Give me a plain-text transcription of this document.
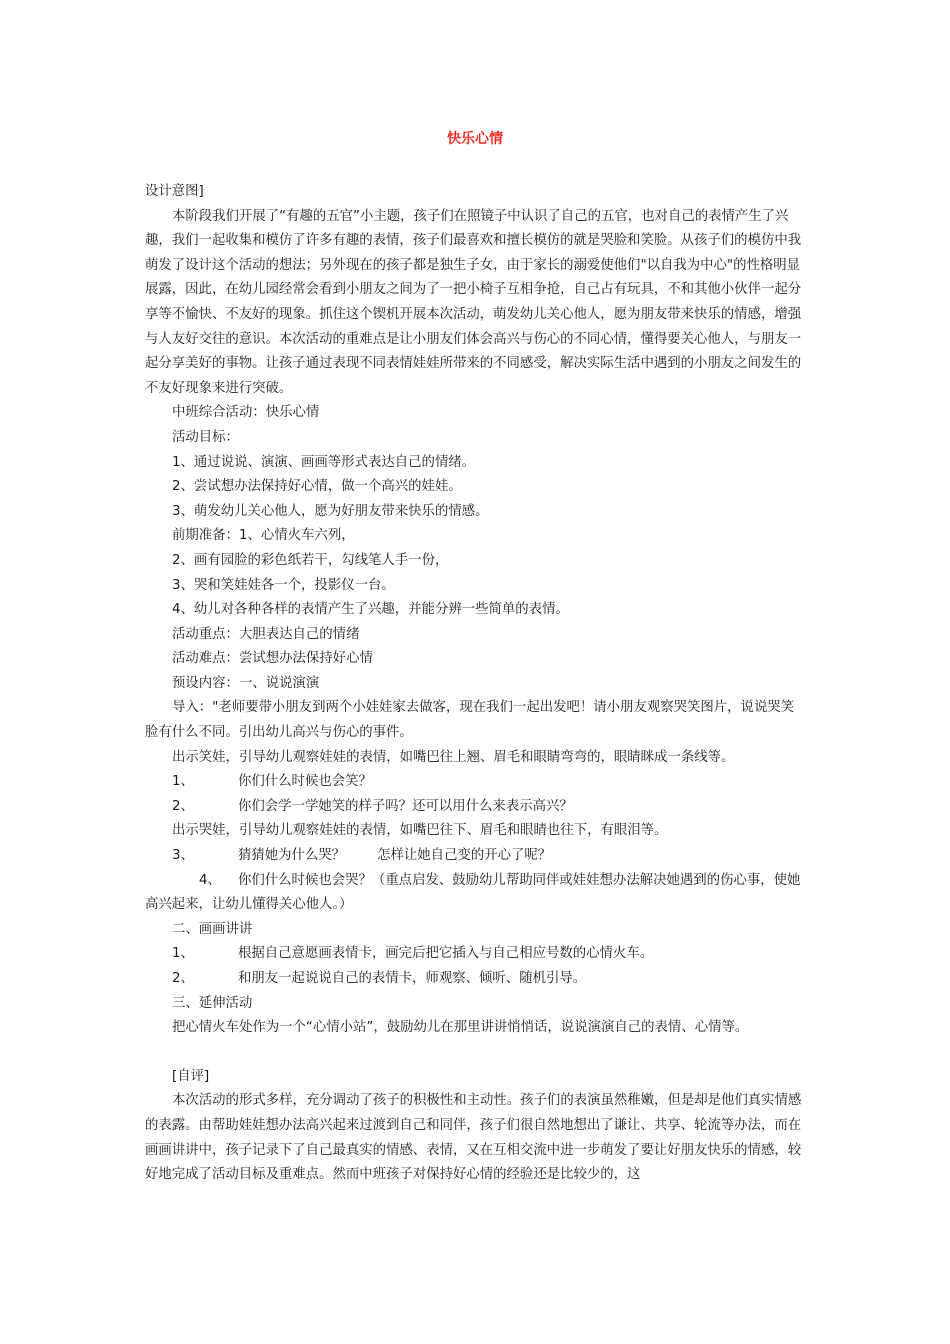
快乐心情

设计意图]

本阶段我们开展了“有趣的五官”小主题，孩子们在照镜子中认识了自己的五官，也对自己的表情产生了兴趣，我们一起收集和模仿了许多有趣的表情，孩子们最喜欢和擅长模仿的就是哭脸和笑脸。从孩子们的模仿中我萌发了设计这个活动的想法；另外现在的孩子都是独生子女，由于家长的溺爱使他们"以自我为中心"的性格明显展露，因此，在幼儿园经常会看到小朋友之间为了一把小椅子互相争抢，自己占有玩具，不和其他小伙伴一起分享等不愉快、不友好的现象。抓住这个锲机开展本次活动，萌发幼儿关心他人，愿为朋友带来快乐的情感，增强与人友好交往的意识。本次活动的重难点是让小朋友们体会高兴与伤心的不同心情，懂得要关心他人，与朋友一起分享美好的事物。让孩子通过表现不同表情娃娃所带来的不同感受，解决实际生活中遇到的小朋友之间发生的不友好现象来进行突破。

中班综合活动：快乐心情

活动目标：

1、通过说说、演演、画画等形式表达自己的情绪。

2、尝试想办法保持好心情，做一个高兴的娃娃。

3、萌发幼儿关心他人，愿为好朋友带来快乐的情感。

前期准备：1、心情火车六列，

2、画有园脸的彩色纸若干，勾线笔人手一份，

3、哭和笑娃娃各一个，投影仪一台。

4、幼儿对各种各样的表情产生了兴趣，并能分辨一些简单的表情。

活动重点：大胆表达自己的情绪

活动难点：尝试想办法保持好心情

预设内容：一、说说演演

导入："老师要带小朋友到两个小娃娃家去做客，现在我们一起出发吧！请小朋友观察哭笑图片，说说哭笑脸有什么不同。引出幼儿高兴与伤心的事件。

出示笑娃，引导幼儿观察娃娃的表情，如嘴巴往上翘、眉毛和眼睛弯弯的，眼睛眯成一条线等。

1、	你们什么时候也会笑？

2、	你们会学一学她笑的样子吗？还可以用什么来表示高兴？

出示哭娃，引导幼儿观察娃娃的表情，如嘴巴往下、眉毛和眼睛也往下，有眼泪等。

3、	猜猜她为什么哭？ 怎样让她自己变的开心了呢？

4、 你们什么时候也会哭？（重点启发、鼓励幼儿帮助同伴或娃娃想办法解决她遇到的伤心事，使她高兴起来，让幼儿懂得关心他人。）

二、画画讲讲

1、	根据自己意愿画表情卡，画完后把它插入与自己相应号数的心情火车。

2、	和朋友一起说说自己的表情卡，师观察、倾听、随机引导。

三、延伸活动

把心情火车处作为一个“心情小站”，鼓励幼儿在那里讲讲悄悄话，说说演演自己的表情、心情等。

[自评]

本次活动的形式多样，充分调动了孩子的积极性和主动性。孩子们的表演虽然稚嫩，但是却是他们真实情感的表露。由帮助娃娃想办法高兴起来过渡到自己和同伴，孩子们很自然地想出了谦让、共享、轮流等办法，而在画画讲讲中，孩子记录下了自己最真实的情感、表情，又在互相交流中进一步萌发了要让好朋友快乐的情感，较好地完成了活动目标及重难点。然而中班孩子对保持好心情的经验还是比较少的，这
